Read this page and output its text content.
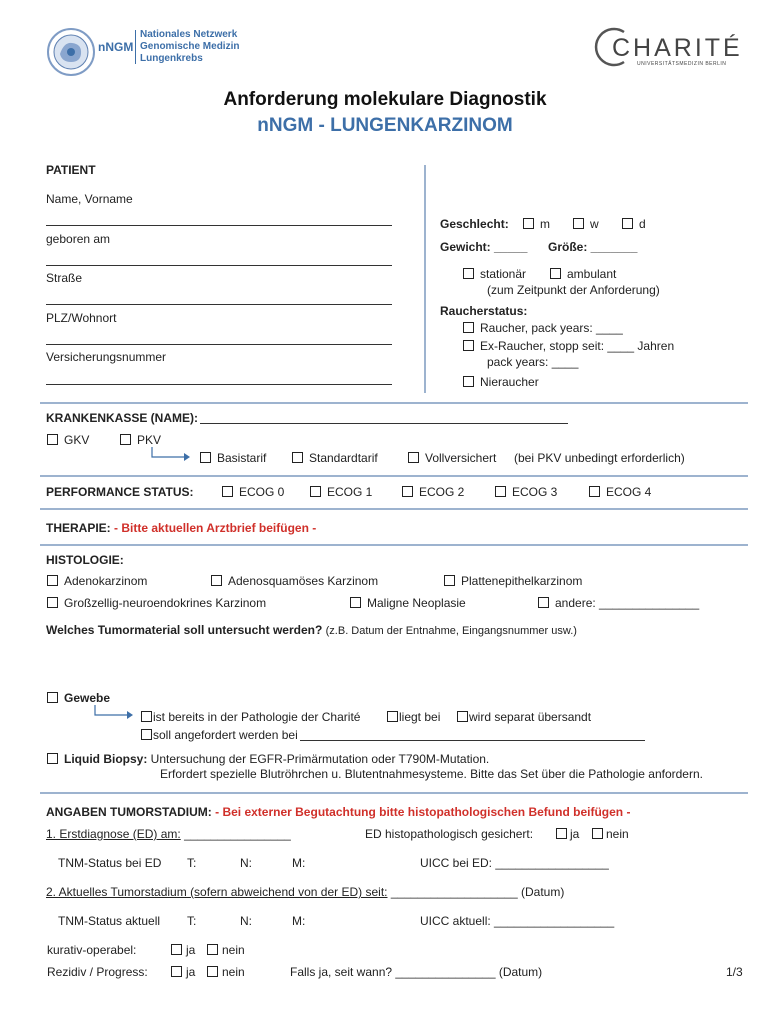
nNGM
Nationales Netzwerk
Genomische Medizin
Lungenkrebs	CHARITÉ
UNIVERSITÄTSMEDIZIN BERLIN
Anforderung molekulare Diagnostik
nNGM - LUNGENKARZINOM
PATIENT
Name, Vorname
geboren am
Straße
PLZ/Wohnort
Versicherungsnummer
Geschlecht:	m	w	d
Gewicht: _____ Größe: _______
stationär	ambulant
(zum Zeitpunkt der Anforderung)
Raucherstatus:
Raucher, pack years: ____
Ex-Raucher, stopp seit: ____ Jahren
pack years: ____
Nieraucher
KRANKENKASSE (NAME):
GKV	PKV
Basistarif	Standardtarif	Vollversichert (bei PKV unbedingt erforderlich)
PERFORMANCE STATUS:	ECOG 0	ECOG 1	ECOG 2	ECOG 3	ECOG 4
THERAPIE: - Bitte aktuellen Arztbrief beifügen -
HISTOLOGIE:
Adenokarzinom	Adenosquamöses Karzinom	Plattenepithelkarzinom
Großzellig-neuroendokrines Karzinom	Maligne Neoplasie	andere: _______________
Welches Tumormaterial soll untersucht werden? (z.B. Datum der Entnahme, Eingangsnummer usw.)
Gewebe
ist bereits in der Pathologie der Charité	liegt bei	wird separat übersandt
soll angefordert werden bei
Liquid Biopsy: Untersuchung der EGFR-Primärmutation oder T790M-Mutation.
Erfordert spezielle Blutröhrchen u. Blutentnahmesysteme. Bitte das Set über die Pathologie anfordern.
ANGABEN TUMORSTADIUM: - Bei externer Begutachtung bitte histopathologischen Befund beifügen -
1. Erstdiagnose (ED) am: ________________	ED histopathologisch gesichert:	ja	nein
TNM-Status bei ED T:	N:	M:	UICC bei ED: _________________
2. Aktuelles Tumorstadium (sofern abweichend von der ED) seit: ___________________ (Datum)
TNM-Status aktuell T:	N:	M:	UICC aktuell: __________________
kurativ-operabel:	ja	nein
Rezidiv / Progress:	ja	nein	Falls ja, seit wann? _______________ (Datum)	1/3
